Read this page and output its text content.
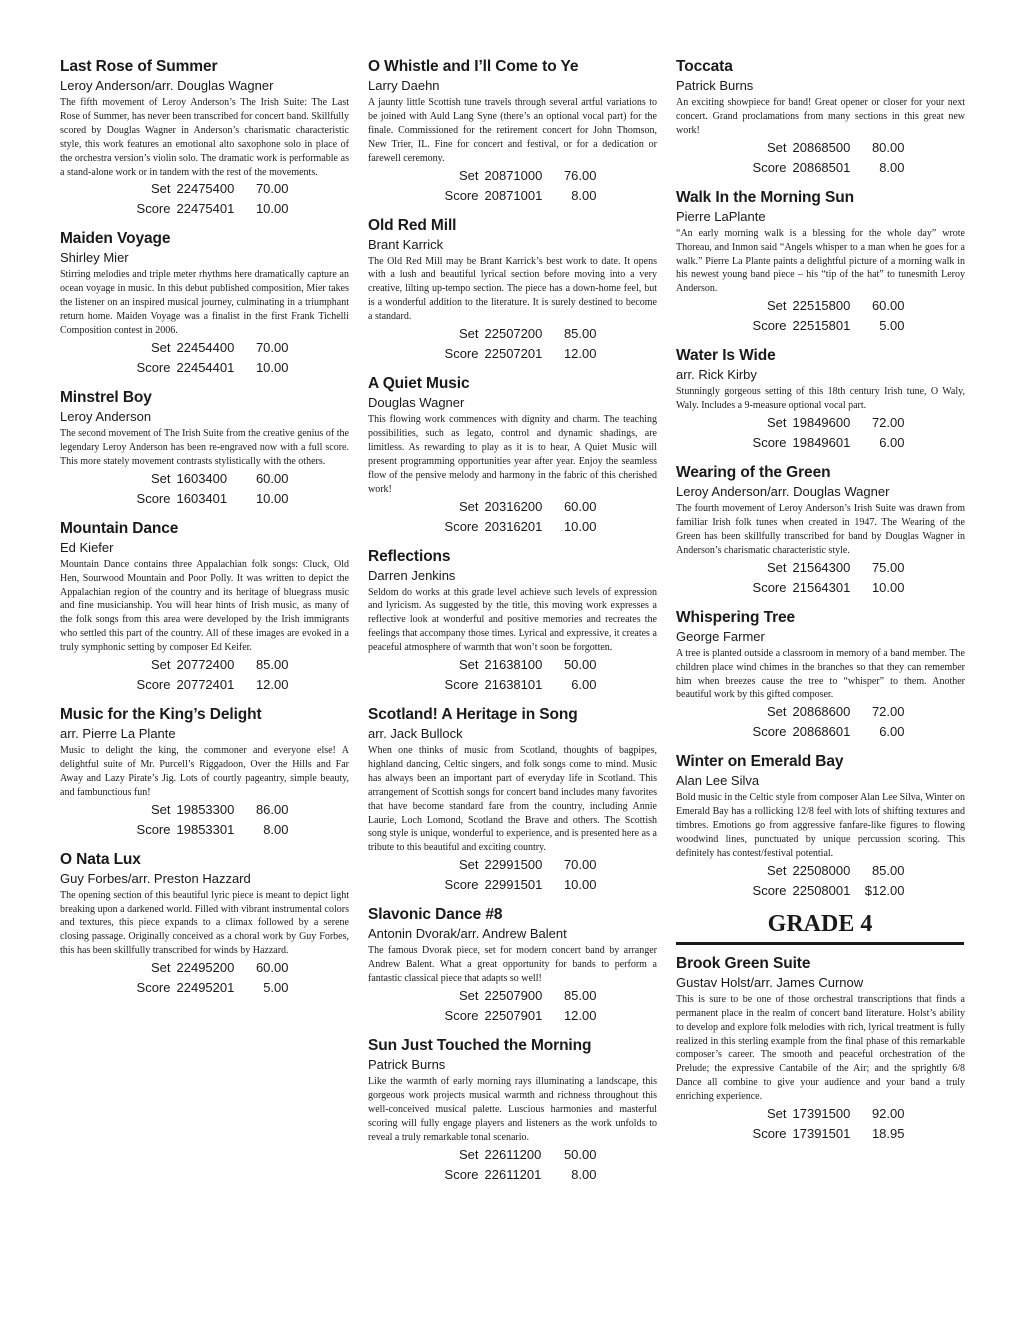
Last Rose of Summer
Leroy Anderson/arr. Douglas Wagner
The fifth movement of Leroy Anderson’s The Irish Suite: The Last Rose of Summer, has never been transcribed for concert band. Skillfully scored by Douglas Wagner in Anderson’s charismatic characteristic style, this work features an emotional alto saxophone solo in place of the orchestra version’s violin solo. The dramatic work is performable as a stand-alone work or in tandem with the rest of the movements.
Set 22475400	70.00
Score 22475401	10.00
Maiden Voyage
Shirley Mier
Stirring melodies and triple meter rhythms here dramatically capture an ocean voyage in music. In this debut published composition, Mier takes the listener on an inspired musical journey, culminating in a triumphant return home. Maiden Voyage was a finalist in the first Frank Tichelli Composition contest in 2006.
Set 22454400	70.00
Score 22454401	10.00
Minstrel Boy
Leroy Anderson
The second movement of The Irish Suite from the creative genius of the legendary Leroy Anderson has been re-engraved now with a full score. This more stately movement contrasts stylistically with the others.
Set 1603400	60.00
Score 1603401	10.00
Mountain Dance
Ed Kiefer
Mountain Dance contains three Appalachian folk songs: Cluck, Old Hen, Sourwood Mountain and Poor Polly. It was written to depict the Appalachian region of the country and its heritage of bluegrass music and fine musicianship. You will hear hints of Irish music, as many of the folk songs from this area were developed by the Irish immigrants who settled this part of the country. All of these images are evoked in a truly symphonic setting by composer Ed Keifer.
Set 20772400	85.00
Score 20772401	12.00
Music for the King’s Delight
arr. Pierre La Plante
Music to delight the king, the commoner and everyone else! A delightful suite of Mr. Purcell’s Riggadoon, Over the Hills and Far Away and Lazy Pirate’s Jig. Lots of courtly pageantry, simple beauty, and fambunctious fun!
Set 19853300	86.00
Score 19853301	8.00
O Nata Lux
Guy Forbes/arr. Preston Hazzard
The opening section of this beautiful lyric piece is meant to depict light breaking upon a darkened world. Filled with vibrant instrumental colors and textures, this piece expands to a climax followed by a serene closing passage. Originally conceived as a choral work by Guy Forbes, this has been skillfully transcribed for winds by Hazzard.
Set 22495200	60.00
Score 22495201	5.00
O Whistle and I’ll Come to Ye
Larry Daehn
A jaunty little Scottish tune travels through several artful variations to be joined with Auld Lang Syne (there’s an optional vocal part) for the finale. Commissioned for the retirement concert for John Thomson, New Trier, IL. Fine for concert and festival, or for a dedication or farewell ceremony.
Set 20871000	76.00
Score 20871001	8.00
Old Red Mill
Brant Karrick
The Old Red Mill may be Brant Karrick’s best work to date. It opens with a lush and beautiful lyrical section before moving into a very creative, lilting up-tempo section. The piece has a down-home feel, but is a wonderful addition to the literature. It is surely destined to become a standard.
Set 22507200	85.00
Score 22507201	12.00
A Quiet Music
Douglas Wagner
This flowing work commences with dignity and charm. The teaching possibilities, such as legato, control and dynamic shadings, are limitless. As rewarding to play as it is to hear, A Quiet Music will present programming opportunities year after year. Enjoy the seamless flow of the pensive melody and harmony in the fabric of this cherished work!
Set 20316200	60.00
Score 20316201	10.00
Reflections
Darren Jenkins
Seldom do works at this grade level achieve such levels of expression and lyricism. As suggested by the title, this moving work expresses a reflective look at wonderful and positive memories and recreates the feelings that accompany those times. Lyrical and expressive, it creates a peaceful atmosphere of warmth that won’t soon be forgotten.
Set 21638100	50.00
Score 21638101	6.00
Scotland! A Heritage in Song
arr. Jack Bullock
When one thinks of music from Scotland, thoughts of bagpipes, highland dancing, Celtic singers, and folk songs come to mind. Music has always been an important part of everyday life in Scotland. This arrangement of Scottish songs for concert band includes many favorites that have become standard fare from the country, including Annie Laurie, Loch Lomond, Scotland the Brave and others. The Scottish song style is unique, wonderful to experience, and is presented here as a tribute to this beautiful and exciting country.
Set 22991500	70.00
Score 22991501	10.00
Slavonic Dance #8
Antonin Dvorak/arr. Andrew Balent
The famous Dvorak piece, set for modern concert band by arranger Andrew Balent. What a great opportunity for bands to perform a fantastic classical piece that adapts so well!
Set 22507900	85.00
Score 22507901	12.00
Sun Just Touched the Morning
Patrick Burns
Like the warmth of early morning rays illuminating a landscape, this gorgeous work projects musical warmth and richness throughout this well-conceived musical palette. Luscious harmonies and masterful scoring will fully engage players and listeners as the work unfolds to reveal a truly remarkable tonal scenario.
Set 22611200	50.00
Score 22611201	8.00
Toccata
Patrick Burns
An exciting showpiece for band! Great opener or closer for your next concert. Grand proclamations from many sections in this great new work!
Set 20868500	80.00
Score 20868501	8.00
Walk In the Morning Sun
Pierre LaPlante
“An early morning walk is a blessing for the whole day” wrote Thoreau, and Inmon said “Angels whisper to a man when he goes for a walk.” Pierre La Plante paints a delightful picture of a morning walk in his newest young band piece – his “tip of the hat” to tunesmith Leroy Anderson.
Set 22515800	60.00
Score 22515801	5.00
Water Is Wide
arr. Rick Kirby
Stunningly gorgeous setting of this 18th century Irish tune, O Waly, Waly. Includes a 9-measure optional vocal part.
Set 19849600	72.00
Score 19849601	6.00
Wearing of the Green
Leroy Anderson/arr. Douglas Wagner
The fourth movement of Leroy Anderson’s Irish Suite was drawn from familiar Irish folk tunes when created in 1947. The Wearing of the Green has been skillfully transcribed for band by Douglas Wagner in Anderson’s charismatic characteristic style.
Set 21564300	75.00
Score 21564301	10.00
Whispering Tree
George Farmer
A tree is planted outside a classroom in memory of a band member. The children place wind chimes in the branches so that they can remember him when breezes cause the tree to “whisper” to them. Another beautiful work by this gifted composer.
Set 20868600	72.00
Score 20868601	6.00
Winter on Emerald Bay
Alan Lee Silva
Bold music in the Celtic style from composer Alan Lee Silva, Winter on Emerald Bay has a rollicking 12/8 feel with lots of shifting textures and timbres. Emotions go from aggressive fanfare-like figures to flowing woodwind lines, punctuated by unique percussion scoring. This definitely has contest/festival potential.
Set 22508000	85.00
Score 22508001	$12.00
GRADE 4
Brook Green Suite
Gustav Holst/arr. James Curnow
This is sure to be one of those orchestral transcriptions that finds a permanent place in the realm of concert band literature. Holst’s ability to develop and explore folk melodies with rich, lyrical treatment is fully realized in this sterling example from the final phase of this remarkable composer’s career. The smooth and peaceful orchestration of the Prelude; the expressive Cantabile of the Air; and the sprightly 6/8 Dance all combine to give your audience and your band a truly enriching experience.
Set 17391500	92.00
Score 17391501	18.95
